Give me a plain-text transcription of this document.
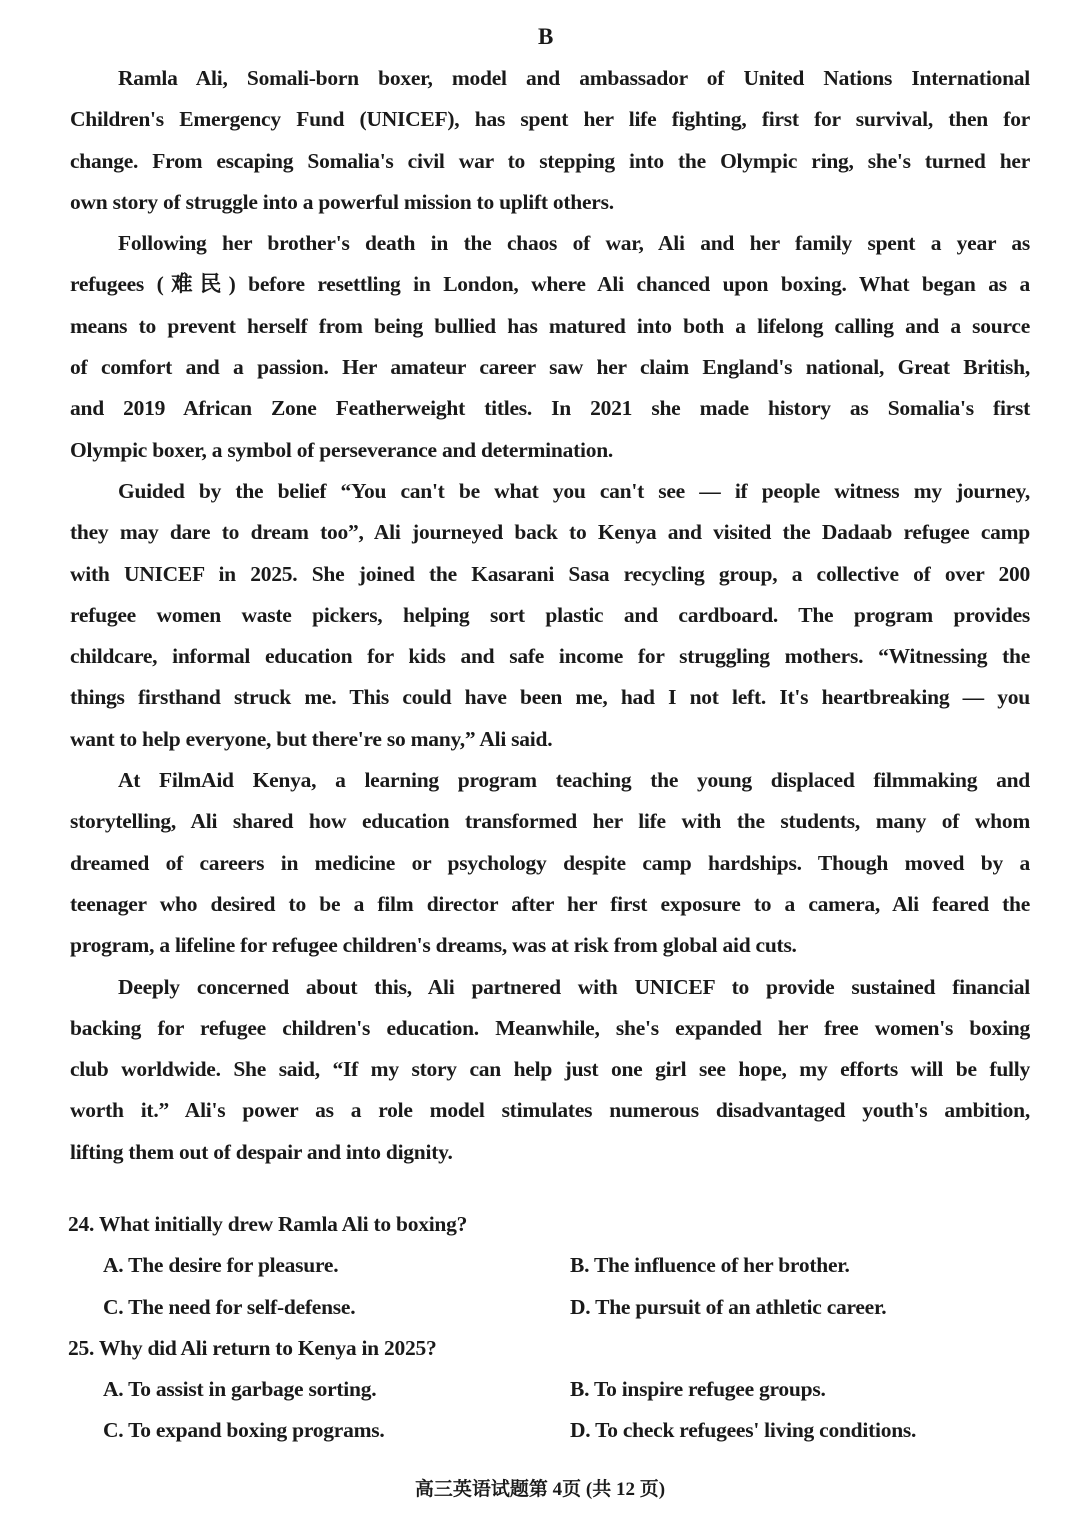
B
Ramla Ali, Somali-born boxer, model and ambassador of United Nations International
Children's Emergency Fund (UNICEF), has spent her life fighting, first for survival, then for
change. From escaping Somalia's civil war to stepping into the Olympic ring, she's turned her
own story of struggle into a powerful mission to uplift others.
Following her brother's death in the chaos of war, Ali and her family spent a year as
refugees (难民) before resettling in London, where Ali chanced upon boxing. What began as a
means to prevent herself from being bullied has matured into both a lifelong calling and a source
of comfort and a passion. Her amateur career saw her claim England's national, Great British,
and 2019 African Zone Featherweight titles. In 2021 she made history as Somalia's first
Olympic boxer, a symbol of perseverance and determination.
Guided by the belief “You can't be what you can't see — if people witness my journey,
they may dare to dream too”, Ali journeyed back to Kenya and visited the Dadaab refugee camp
with UNICEF in 2025. She joined the Kasarani Sasa recycling group, a collective of over 200
refugee women waste pickers, helping sort plastic and cardboard. The program provides
childcare, informal education for kids and safe income for struggling mothers. “Witnessing the
things firsthand struck me. This could have been me, had I not left. It's heartbreaking — you
want to help everyone, but there're so many,” Ali said.
At FilmAid Kenya, a learning program teaching the young displaced filmmaking and
storytelling, Ali shared how education transformed her life with the students, many of whom
dreamed of careers in medicine or psychology despite camp hardships. Though moved by a
teenager who desired to be a film director after her first exposure to a camera, Ali feared the
program, a lifeline for refugee children's dreams, was at risk from global aid cuts.
Deeply concerned about this, Ali partnered with UNICEF to provide sustained financial
backing for refugee children's education. Meanwhile, she's expanded her free women's boxing
club worldwide. She said, “If my story can help just one girl see hope, my efforts will be fully
worth it.” Ali's power as a role model stimulates numerous disadvantaged youth's ambition,
lifting them out of despair and into dignity.
24. What initially drew Ramla Ali to boxing?
A. The desire for pleasure.	B. The influence of her brother.
C. The need for self-defense.	D. The pursuit of an athletic career.
25. Why did Ali return to Kenya in 2025?
A. To assist in garbage sorting.	B. To inspire refugee groups.
C. To expand boxing programs.	D. To check refugees' living conditions.
高三英语试题第 4页 (共 12 页)
